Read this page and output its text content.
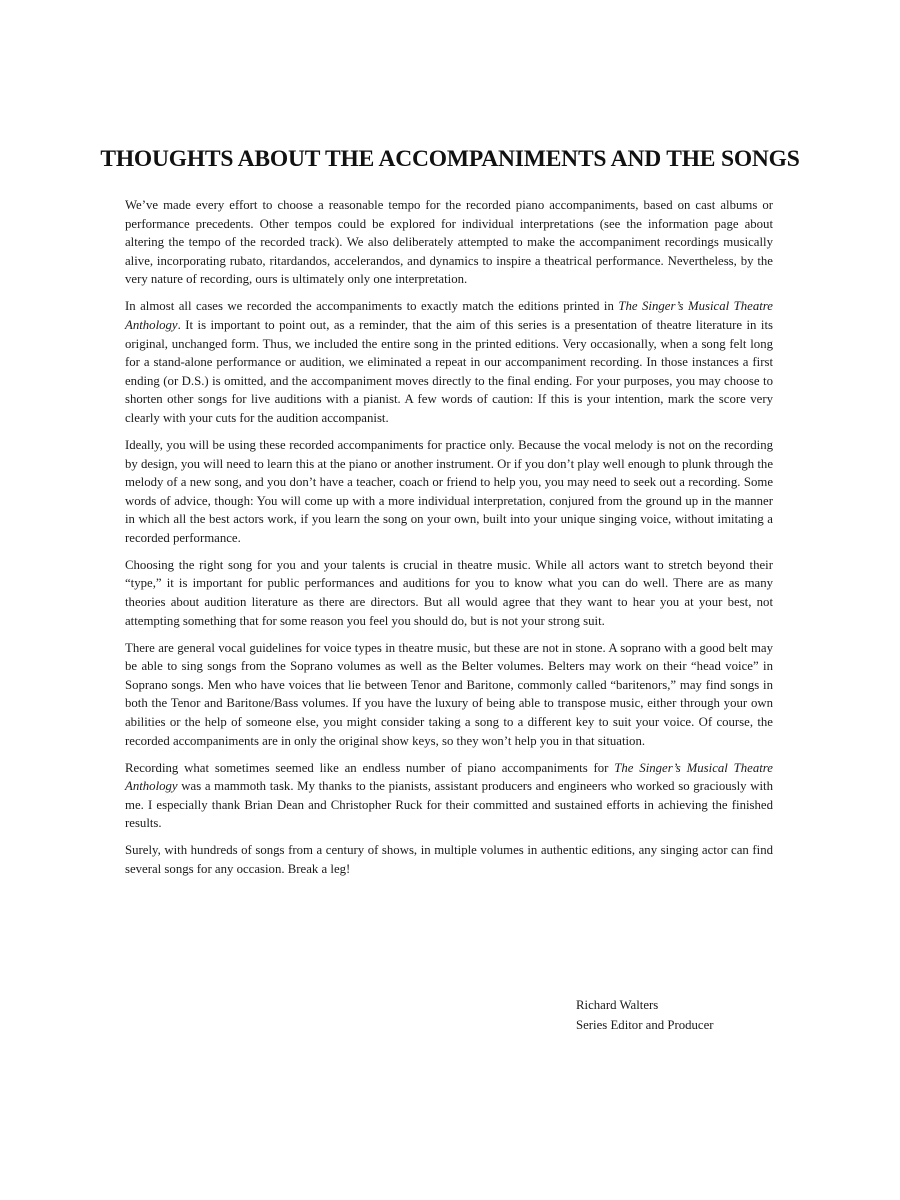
THOUGHTS ABOUT THE ACCOMPANIMENTS AND THE SONGS

We’ve made every effort to choose a reasonable tempo for the recorded piano accompaniments, based on cast albums or performance precedents. Other tempos could be explored for individual interpretations (see the information page about altering the tempo of the recorded track). We also deliberately attempted to make the accompaniment recordings musically alive, incorporating rubato, ritardandos, accelerandos, and dynamics to inspire a theatrical performance. Nevertheless, by the very nature of recording, ours is ultimately only one interpretation.

In almost all cases we recorded the accompaniments to exactly match the editions printed in The Singer’s Musical Theatre Anthology. It is important to point out, as a reminder, that the aim of this series is a presentation of theatre literature in its original, unchanged form. Thus, we included the entire song in the printed editions. Very occasionally, when a song felt long for a stand-alone performance or audition, we eliminated a repeat in our accompaniment recording. In those instances a first ending (or D.S.) is omitted, and the accompaniment moves directly to the final ending. For your purposes, you may choose to shorten other songs for live auditions with a pianist. A few words of caution: If this is your intention, mark the score very clearly with your cuts for the audition accompanist.

Ideally, you will be using these recorded accompaniments for practice only. Because the vocal melody is not on the recording by design, you will need to learn this at the piano or another instrument. Or if you don’t play well enough to plunk through the melody of a new song, and you don’t have a teacher, coach or friend to help you, you may need to seek out a recording. Some words of advice, though: You will come up with a more individual interpretation, conjured from the ground up in the manner in which all the best actors work, if you learn the song on your own, built into your unique singing voice, without imitating a recorded performance.

Choosing the right song for you and your talents is crucial in theatre music. While all actors want to stretch beyond their “type,” it is important for public performances and auditions for you to know what you can do well. There are as many theories about audition literature as there are directors. But all would agree that they want to hear you at your best, not attempting something that for some reason you feel you should do, but is not your strong suit.

There are general vocal guidelines for voice types in theatre music, but these are not in stone. A soprano with a good belt may be able to sing songs from the Soprano volumes as well as the Belter volumes. Belters may work on their “head voice” in Soprano songs. Men who have voices that lie between Tenor and Baritone, commonly called “baritenors,” may find songs in both the Tenor and Baritone/Bass volumes. If you have the luxury of being able to transpose music, either through your own abilities or the help of someone else, you might consider taking a song to a different key to suit your voice. Of course, the recorded accompaniments are in only the original show keys, so they won’t help you in that situation.

Recording what sometimes seemed like an endless number of piano accompaniments for The Singer’s Musical Theatre Anthology was a mammoth task. My thanks to the pianists, assistant producers and engineers who worked so graciously with me. I especially thank Brian Dean and Christopher Ruck for their committed and sustained efforts in achieving the finished results.

Surely, with hundreds of songs from a century of shows, in multiple volumes in authentic editions, any singing actor can find several songs for any occasion. Break a leg!

Richard Walters
Series Editor and Producer
